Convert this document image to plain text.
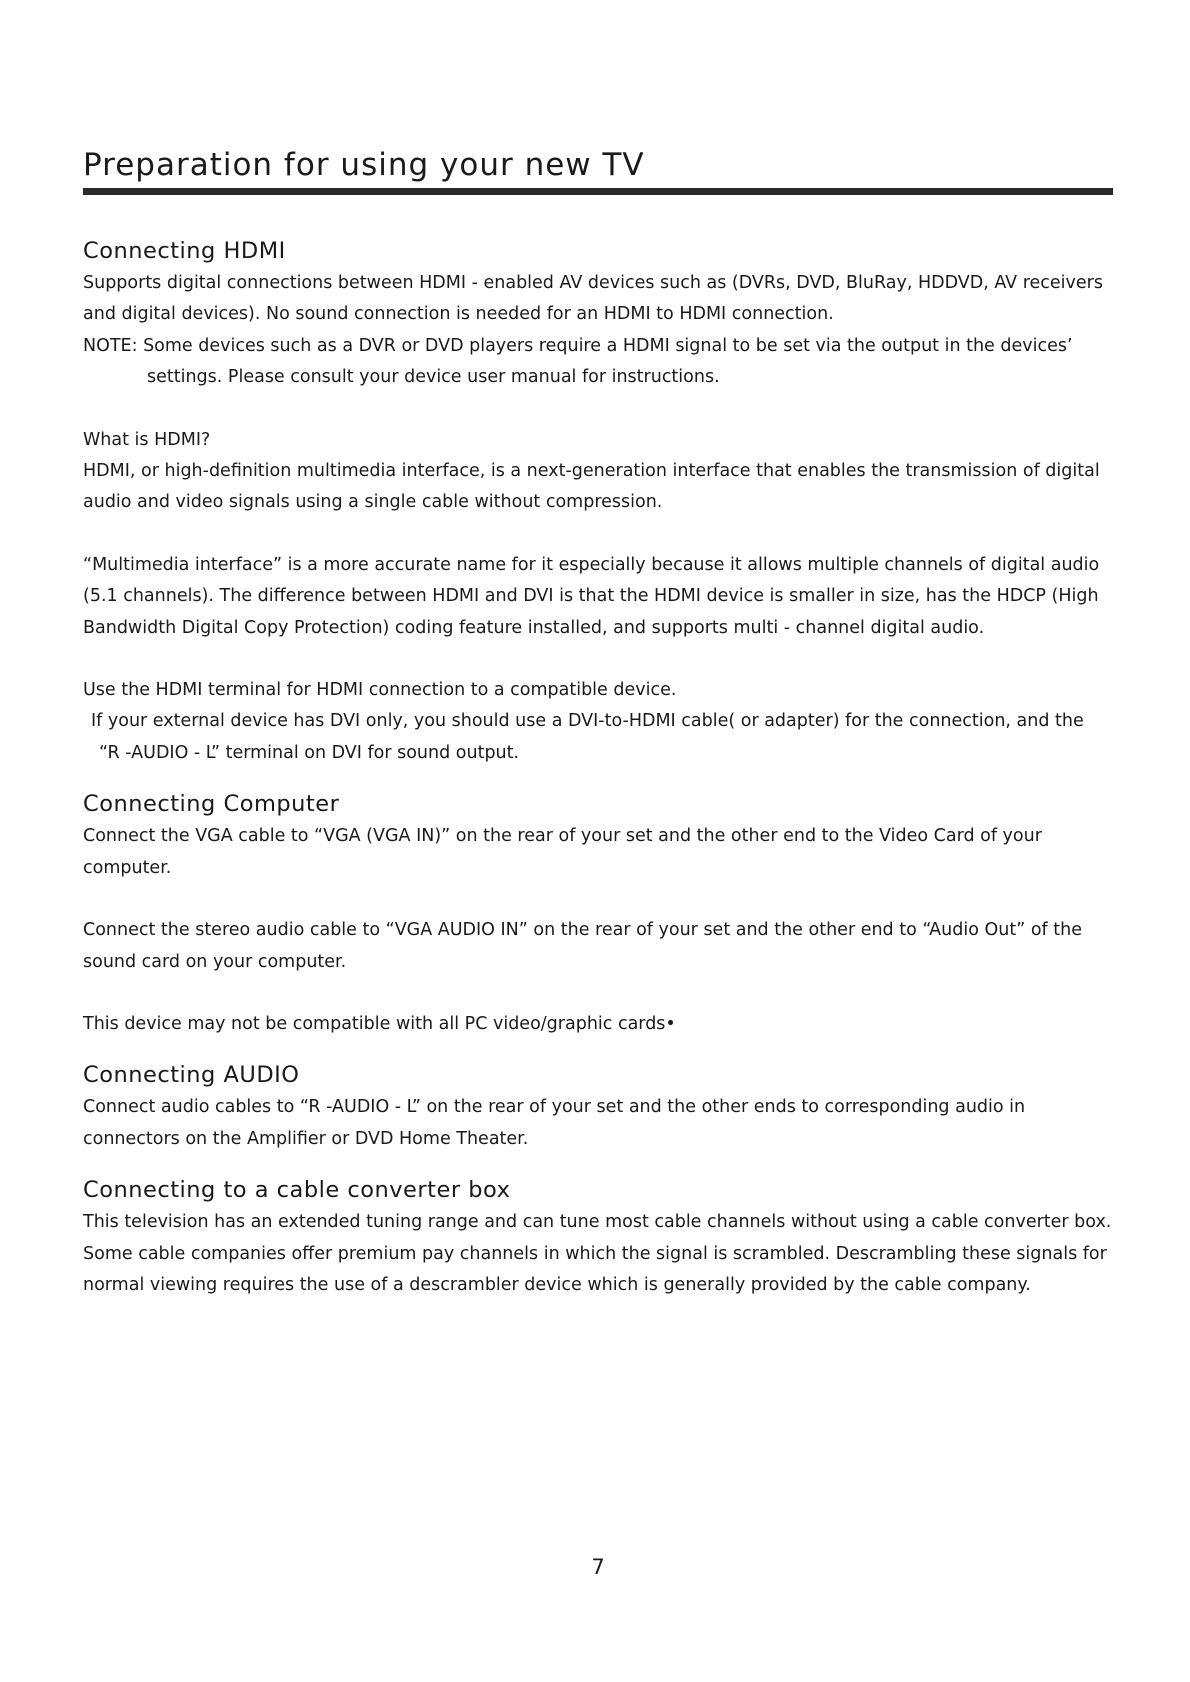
Preparation for using your new TV
Connecting HDMI

Supports digital connections between HDMI - enabled AV devices such as (DVRs, DVD, BluRay, HDDVD, AV receivers and digital devices). No sound connection is needed for an HDMI to HDMI connection.

NOTE: Some devices such as a DVR or DVD players require a HDMI signal to be set via the output in the devices’ settings. Please consult your device user manual for instructions.

What is HDMI?

HDMI, or high-definition multimedia interface, is a next-generation interface that enables the transmission of digital audio and video signals using a single cable without compression.

“Multimedia interface” is a more accurate name for it especially because it allows multiple channels of digital audio (5.1 channels). The difference between HDMI and DVI is that the HDMI device is smaller in size, has the HDCP (High Bandwidth Digital Copy Protection) coding feature installed, and supports multi - channel digital audio.

Use the HDMI terminal for HDMI connection to a compatible device.

If your external device has DVI only, you should use a DVI-to-HDMI cable( or adapter) for the connection, and the

“R -AUDIO - L” terminal on DVI for sound output.

Connecting Computer

Connect the VGA cable to “VGA (VGA IN)” on the rear of your set and the other end to the Video Card of your computer.

Connect the stereo audio cable to “VGA AUDIO IN” on the rear of your set and the other end to “Audio Out” of the sound card on your computer.

This device may not be compatible with all PC video/graphic cards•

Connecting AUDIO

Connect audio cables to “R -AUDIO - L” on the rear of your set and the other ends to corresponding audio in connectors on the Amplifier or DVD Home Theater.

Connecting to a cable converter box

This television has an extended tuning range and can tune most cable channels without using a cable converter box. Some cable companies offer premium pay channels in which the signal is scrambled. Descrambling these signals for normal viewing requires the use of a descrambler device which is generally provided by the cable company.

7
